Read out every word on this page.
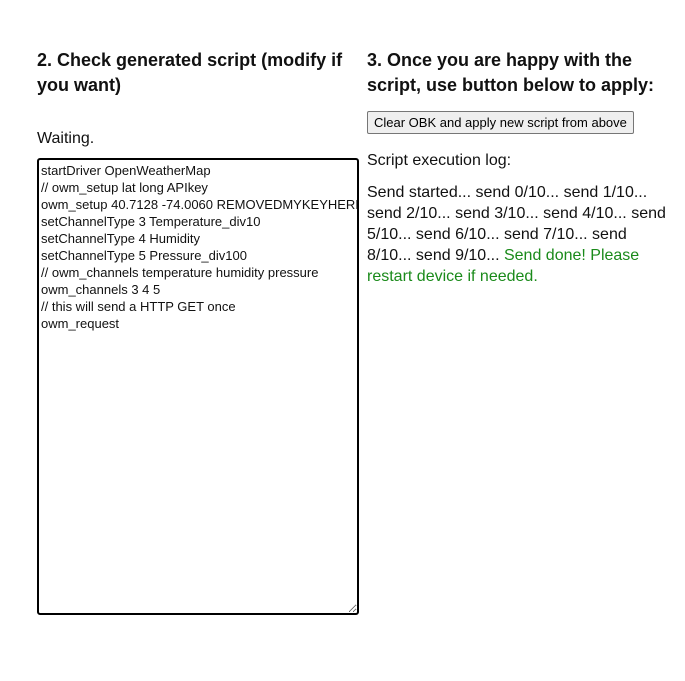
2. Check generated script (modify if you want)
Waiting.
startDriver OpenWeatherMap // owm_setup lat long APIkey owm_setup 40.7128 -74.0060 REMOVEDMYKEYHERE setChannelType 3 Temperature_div10 setChannelType 4 Humidity setChannelType 5 Pressure_div100 // owm_channels temperature humidity pressure owm_channels 3 4 5 // this will send a HTTP GET once owm_request
3. Once you are happy with the script, use button below to apply:
Clear OBK and apply new script from above
Script execution log:
Send started... send 0/10... send 1/10... send 2/10... send 3/10... send 4/10... send 5/10... send 6/10... send 7/10... send 8/10... send 9/10... Send done! Please restart device if needed.
